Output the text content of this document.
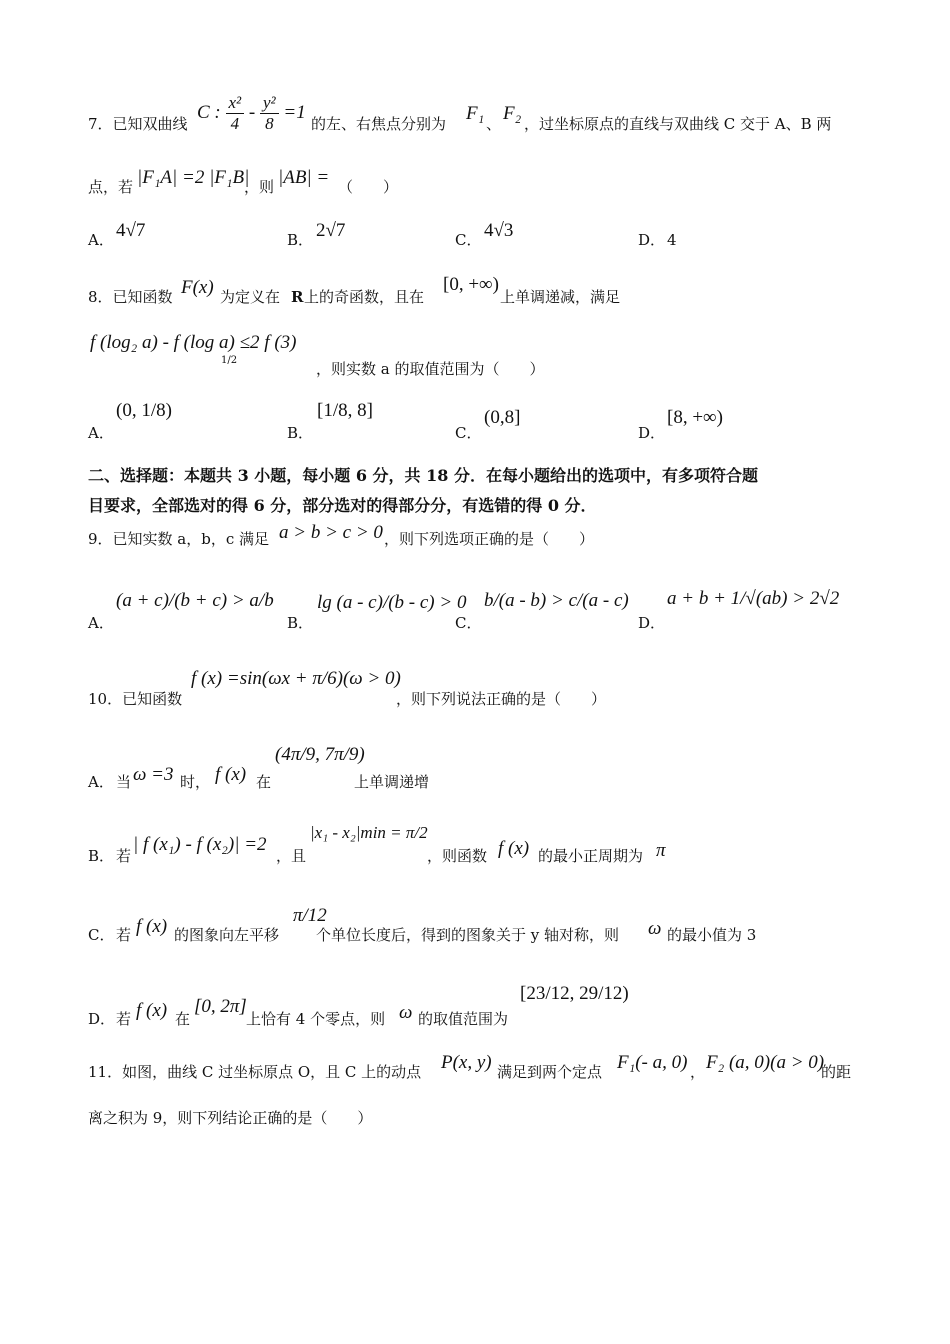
7．已知双曲线
C : $\frac{\text{x²}}{4} - \frac{\text{y²}}{8} =1$
的左、右焦点分别为 F₁ 、 F₂ ，过坐标原点的直线与双曲线 C 交于 A、B 两
点，若 |F₁A| =2 |F₁B|
，则 |AB| = （　　）
A． 4√7	B． 2√7	C． 4√3	D． 4
8．已知函数 F(x) 为定义在 R 上的奇函数，且在
[0, +∞)
上单调递减，满足
f (log₂ a) - f (log a) ≤2 f (3)
1/2	，则实数 a 的取值范围为（　　）
A．
(0, 1/8)
B．
[1/8, 8]
C．
(0,8]
D．
[8, +∞)
二、选择题：本题共 3 小题，每小题 6 分，共 18 分．在每小题给出的选项中，有多项符合题
目要求，全部选对的得 6 分，部分选对的得部分分，有选错的得 0 分．
9．已知实数 a，b，c 满足 a > b > c > 0 ，则下列选项正确的是（　　）
A．
(a + c)/(b + c) > a/b
B．
lg (a - c)/(b - c) > 0
C．
b/(a - b) > c/(a - c)
D．
a + b + 1/√(ab) > 2√2
10．已知函数
f (x) =sin(ωx + π/6)(ω > 0)
，则下列说法正确的是（　　）
A． 当 ω =3 时， f (x) 在
(4π/9, 7π/9)
上单调递增
B． 若
| f (x₁) - f (x₂)| =2
，且
|x₁ - x₂|min = π/2
，则函数 f (x) 的最小正周期为 π
C． 若 f (x) 的图象向左平移
π/12
个单位长度后，得到的图象关于 y 轴对称，则 ω 的最小值为 3
D． 若 f (x) 在
[0, 2π]
上恰有 4 个零点，则 ω 的取值范围为
[23/12, 29/12)
11．如图，曲线 C 过坐标原点 O，且 C 上的动点 P(x, y) 满足到两个定点 F₁(- a, 0) ， F₂ (a, 0)(a > 0)
的距
离之积为 9，则下列结论正确的是（　　）
